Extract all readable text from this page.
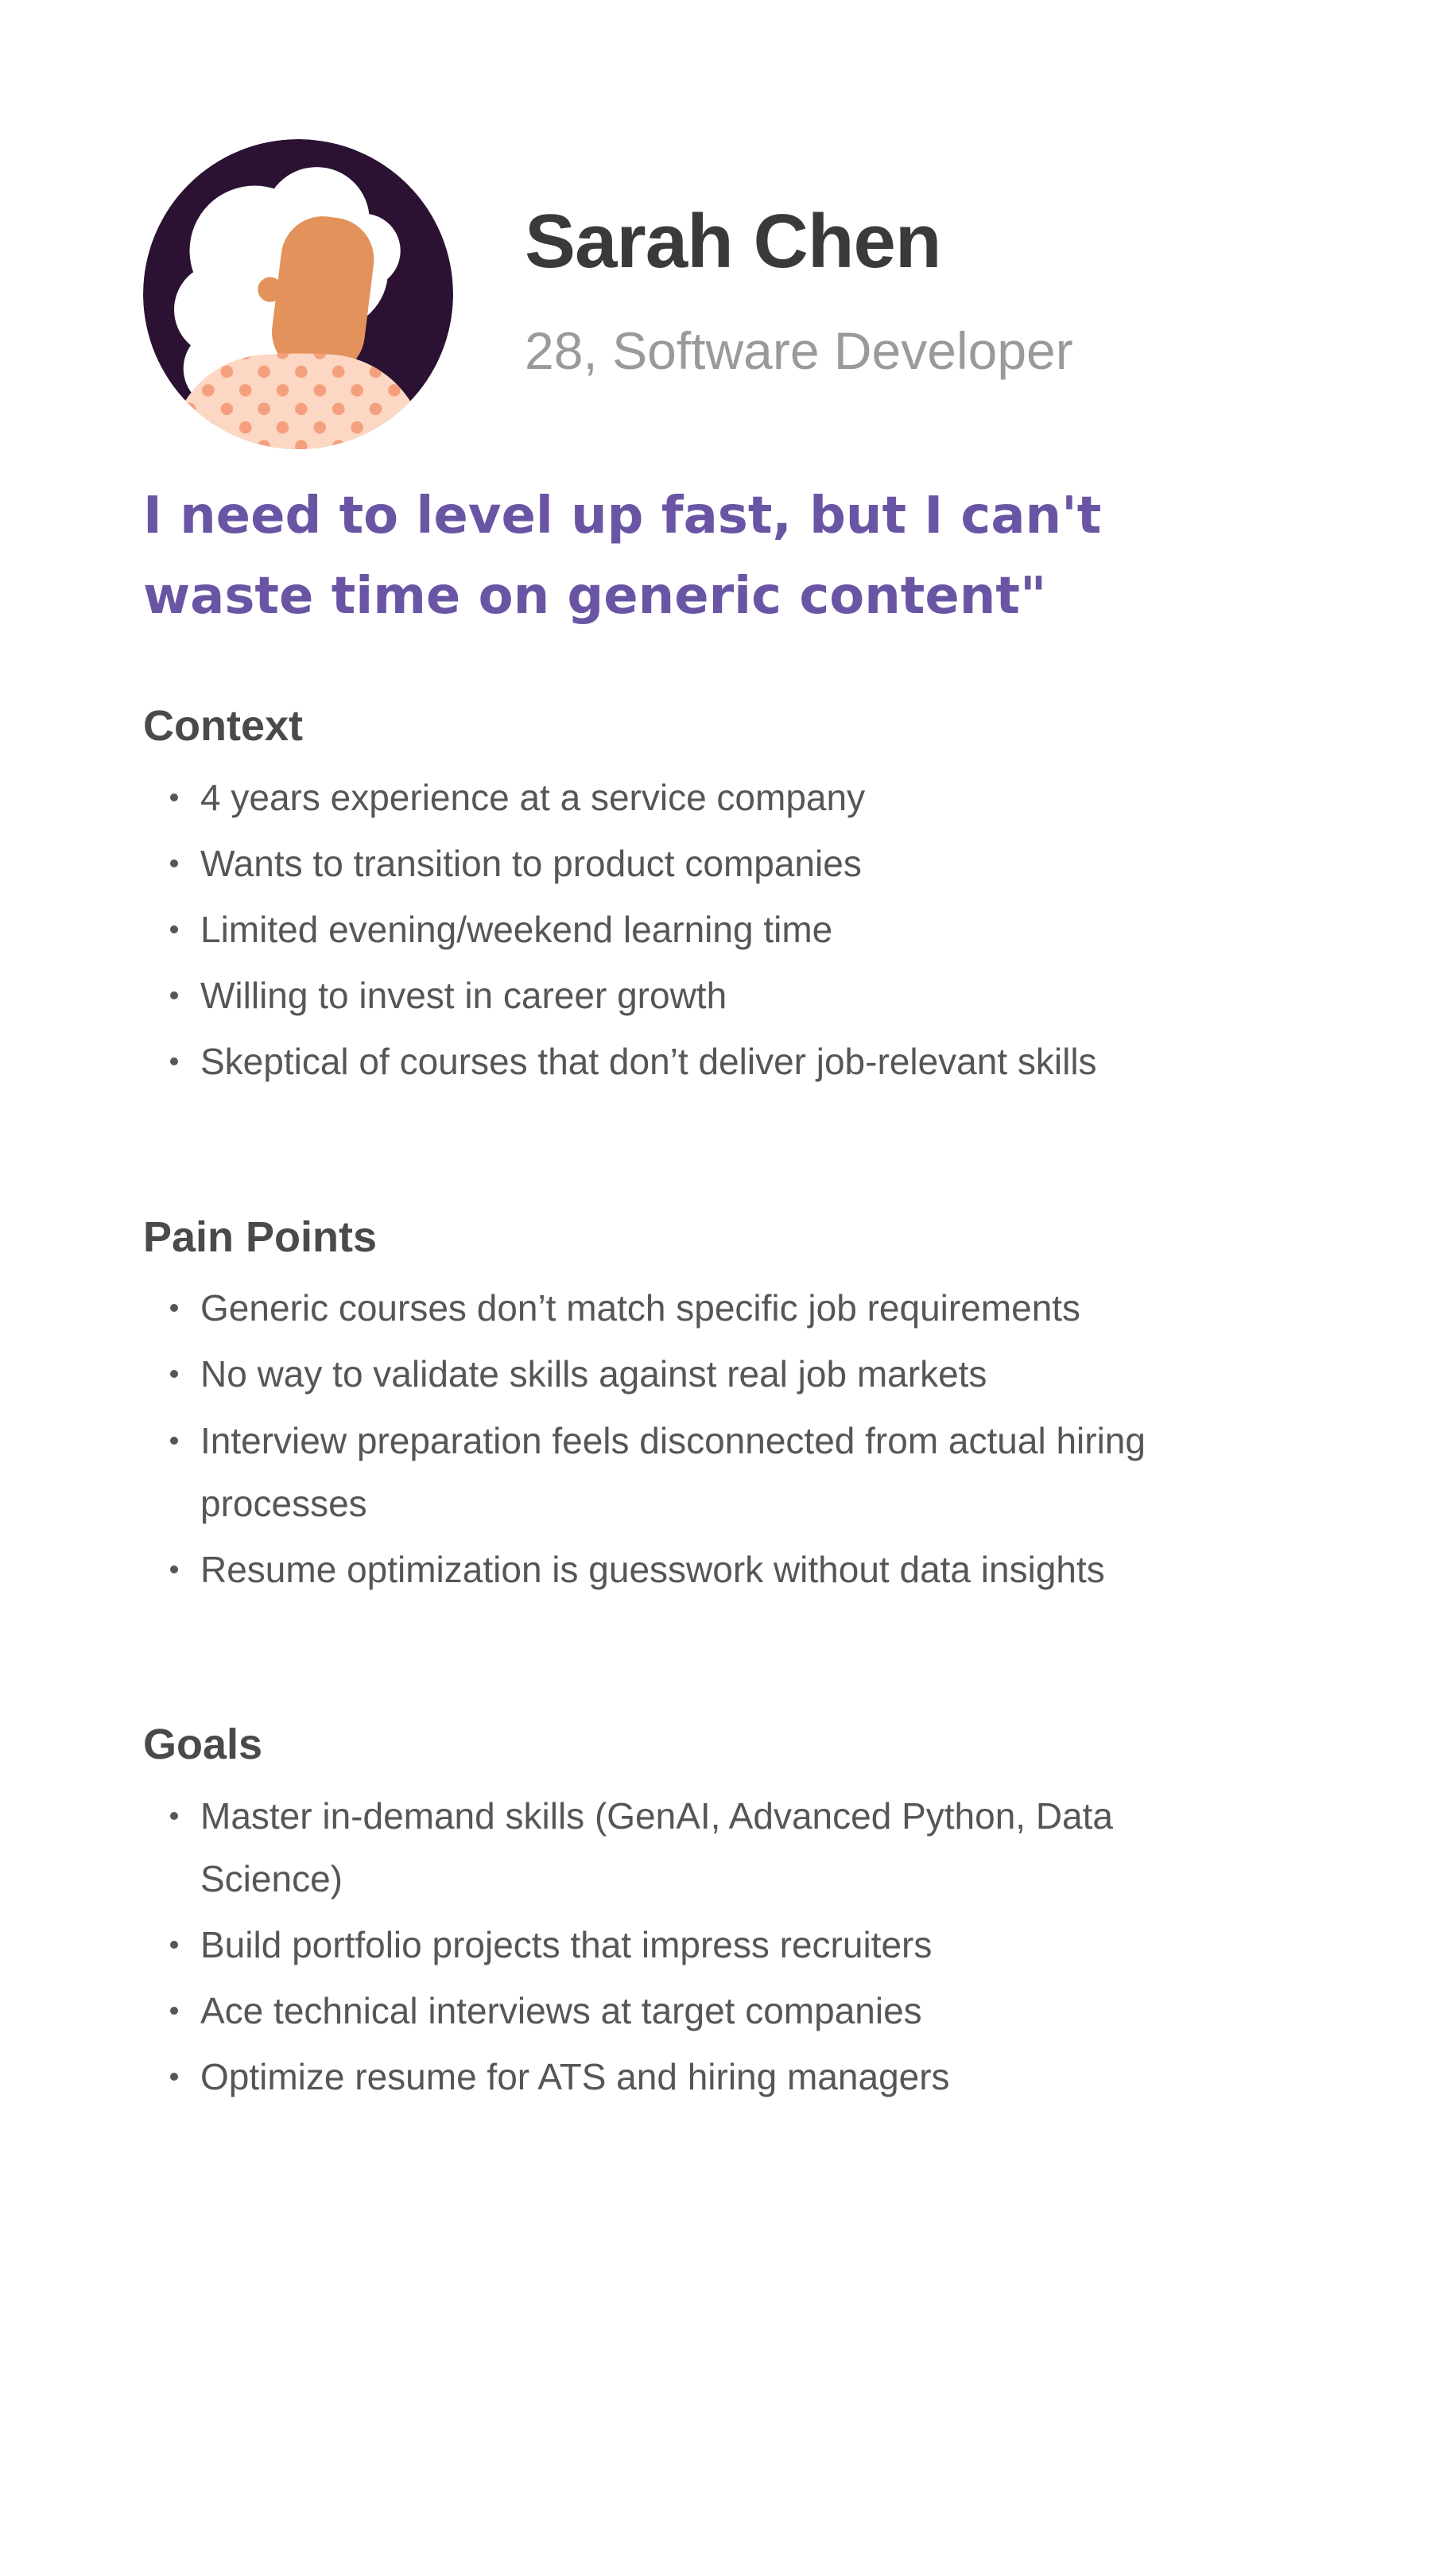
Sarah Chen
28, Software Developer
I need to level up fast, but I can't
waste time on generic content"
Context
4 years experience at a service company
Wants to transition to product companies
Limited evening/weekend learning time
Willing to invest in career growth
Skeptical of courses that don’t deliver job-relevant skills
Pain Points
Generic courses don’t match specific job requirements
No way to validate skills against real job markets
Interview preparation feels disconnected from actual hiring processes
Resume optimization is guesswork without data insights
Goals
Master in-demand skills (GenAI, Advanced Python, Data Science)
Build portfolio projects that impress recruiters
Ace technical interviews at target companies
Optimize resume for ATS and hiring managers
